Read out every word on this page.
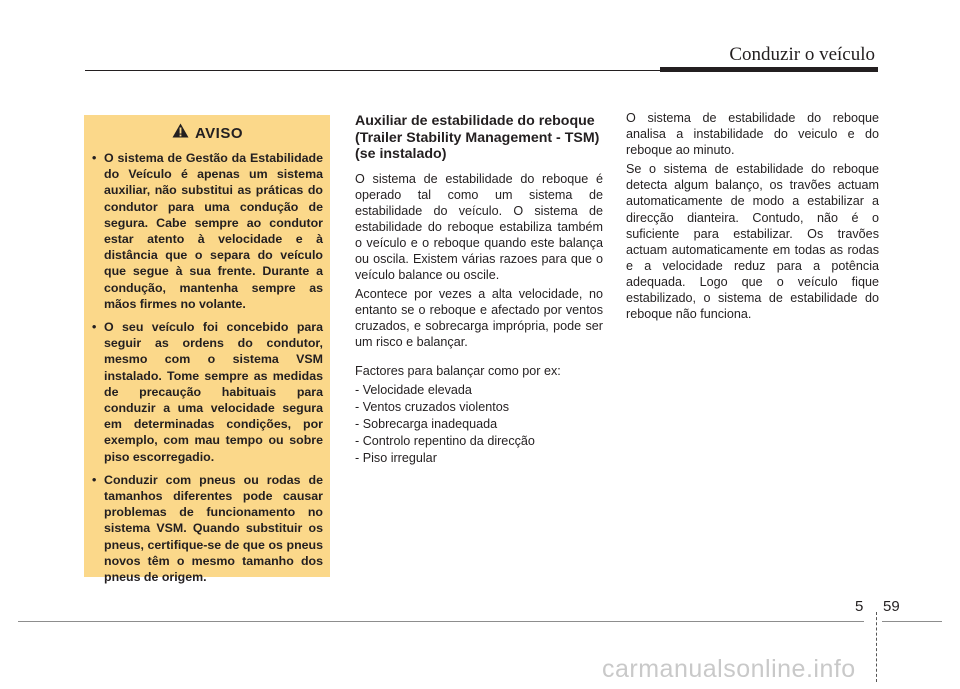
Conduzir o veículo
AVISO
• O sistema de Gestão da Estabilidade do Veículo é apenas um sistema auxiliar, não substitui as práticas do condutor para uma condução de segura. Cabe sempre ao condutor estar atento à velocidade e à distância que o separa do veículo que segue à sua frente. Durante a condução, mantenha sempre as mãos firmes no volante.
• O seu veículo foi concebido para seguir as ordens do condutor, mesmo com o sistema VSM instalado. Tome sempre as medidas de precaução habituais para conduzir a uma velocidade segura em determinadas condições, por exemplo, com mau tempo ou sobre piso escorregadio.
• Conduzir com pneus ou rodas de tamanhos diferentes pode causar problemas de funcionamento no sistema VSM. Quando substituir os pneus, certifique-se de que os pneus novos têm o mesmo tamanho dos pneus de origem.
Auxiliar de estabilidade do reboque (Trailer Stability Management - TSM) (se instalado)

O sistema de estabilidade do reboque é operado tal como um sistema de estabilidade do veículo. O sistema de estabilidade do reboque estabiliza também o veículo e o reboque quando este balança ou oscila. Existem várias razoes para que o veículo balance ou oscile.

Acontece por vezes a alta velocidade, no entanto se o reboque e afectado por ventos cruzados, e sobrecarga imprópria, pode ser um risco e balançar.

Factores para balançar como por ex:

- Velocidade elevada
- Ventos cruzados violentos
- Sobrecarga inadequada
- Controlo repentino da direcção
- Piso irregular

O sistema de estabilidade do reboque analisa a instabilidade do veiculo e do reboque ao minuto.

Se o sistema de estabilidade do reboque detecta algum balanço, os travões actuam automaticamente de modo a estabilizar a direcção dianteira. Contudo, não é o suficiente para estabilizar. Os travões actuam automaticamente em todas as rodas e a velocidade reduz para a potência adequada. Logo que o veículo fique estabilizado, o sistema de estabilidade do reboque não funciona.

5 59
carmanualsonline.info
